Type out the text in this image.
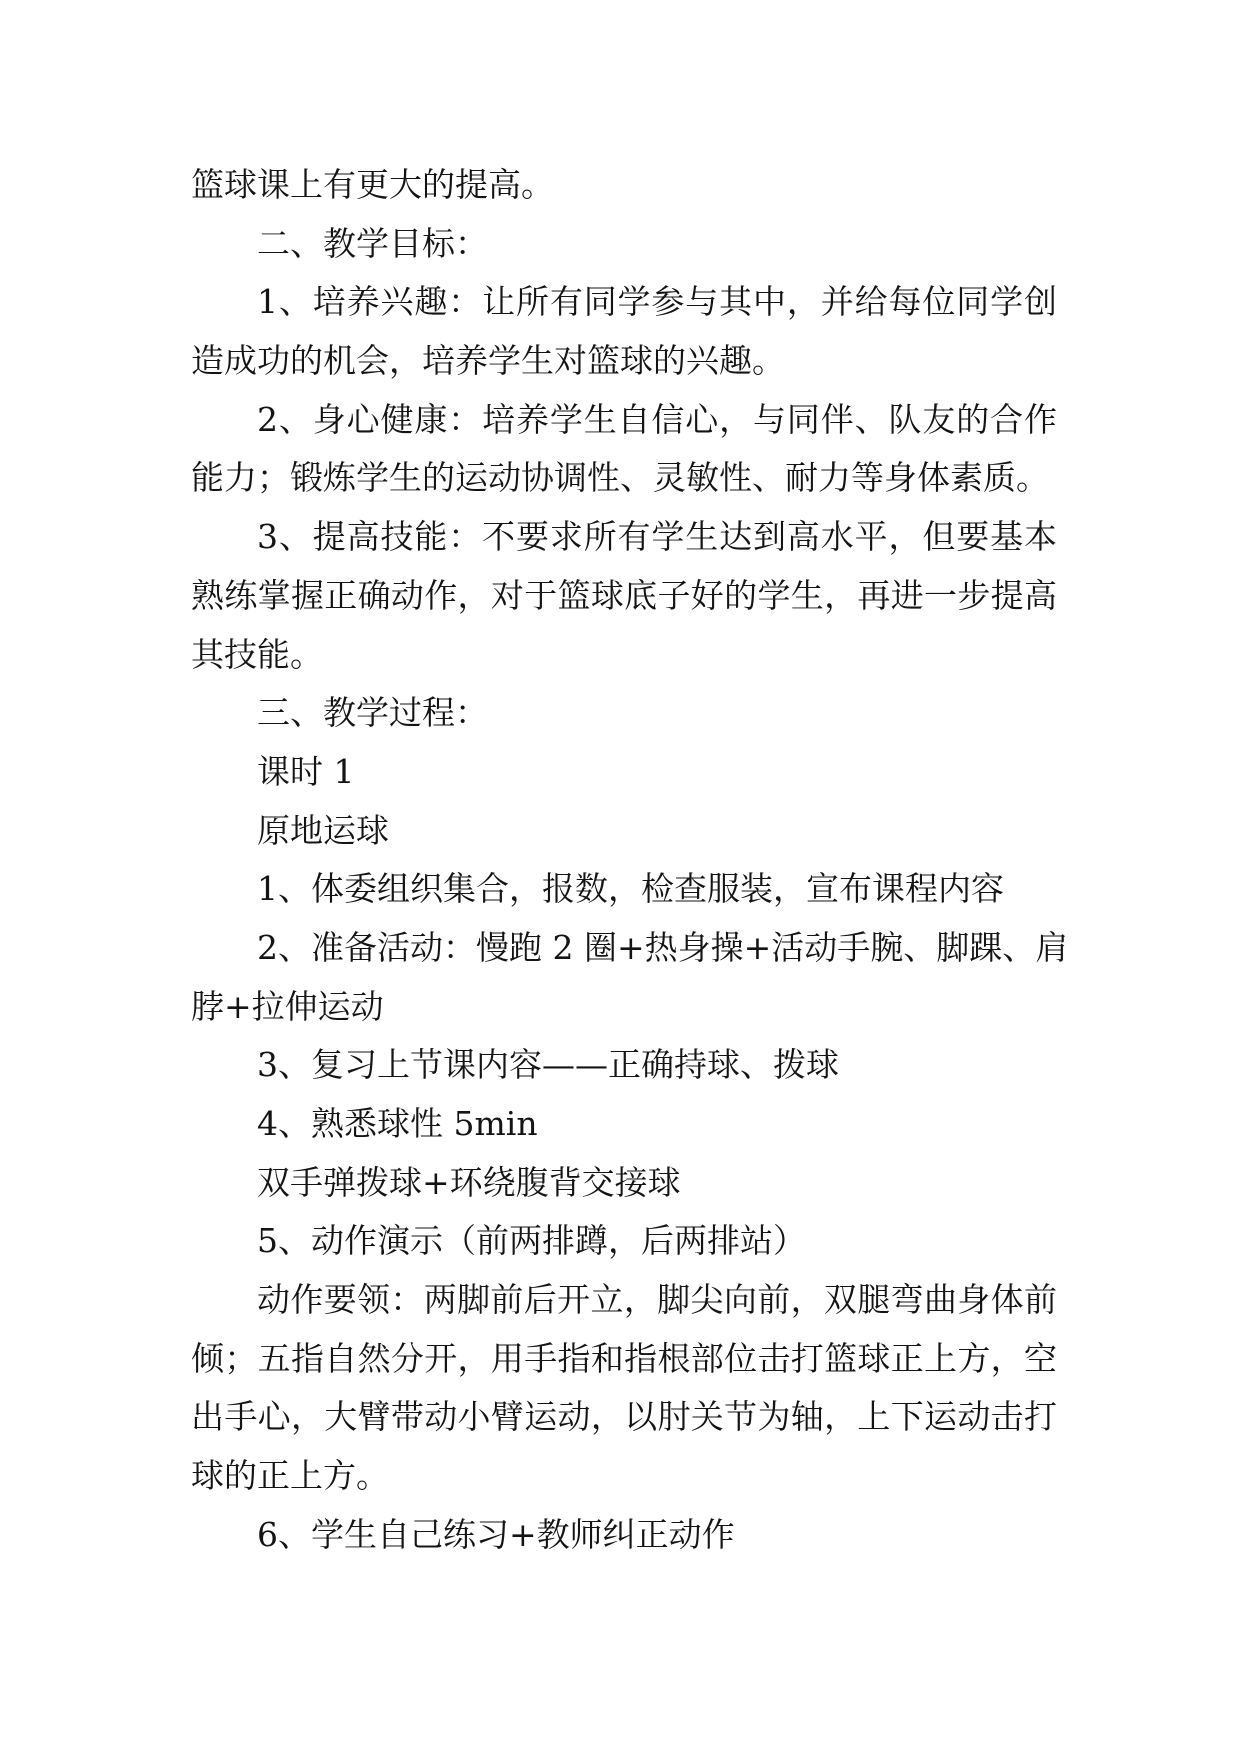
篮球课上有更大的提高。
二、教学目标：
1、培养兴趣：让所有同学参与其中，并给每位同学创
造成功的机会，培养学生对篮球的兴趣。
2、身心健康：培养学生自信心，与同伴、队友的合作
能力；锻炼学生的运动协调性、灵敏性、耐力等身体素质。
3、提高技能：不要求所有学生达到高水平，但要基本
熟练掌握正确动作，对于篮球底子好的学生，再进一步提高
其技能。
三、教学过程：
课时 1
原地运球
1、体委组织集合，报数，检查服装，宣布课程内容
2、准备活动：慢跑 2 圈+热身操+活动手腕、脚踝、肩
脖+拉伸运动
3、复习上节课内容——正确持球、拨球
4、熟悉球性 5min
双手弹拨球+环绕腹背交接球
5、动作演示（前两排蹲，后两排站）
动作要领：两脚前后开立，脚尖向前，双腿弯曲身体前
倾；五指自然分开，用手指和指根部位击打篮球正上方，空
出手心，大臂带动小臂运动，以肘关节为轴，上下运动击打
球的正上方。
6、学生自己练习+教师纠正动作
